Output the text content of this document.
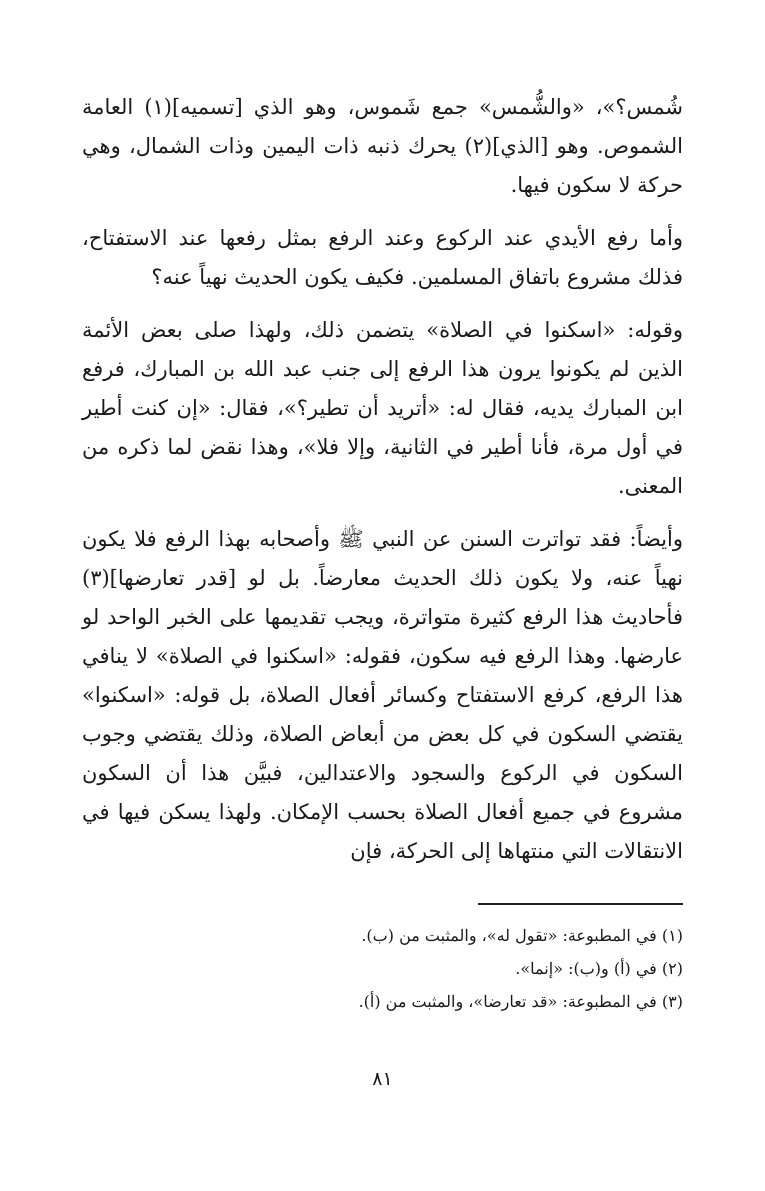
شُمس؟»، «والشُّمس» جمع شَموس، وهو الذي [تسميه](١) العامة الشموص. وهو [الذي](٢) يحرك ذنبه ذات اليمين وذات الشمال، وهي حركة لا سكون فيها.

وأما رفع الأيدي عند الركوع وعند الرفع بمثل رفعها عند الاستفتاح، فذلك مشروع باتفاق المسلمين. فكيف يكون الحديث نهياً عنه؟

وقوله: «اسكنوا في الصلاة» يتضمن ذلك، ولهذا صلى بعض الأئمة الذين لم يكونوا يرون هذا الرفع إلى جنب عبد الله بن المبارك، فرفع ابن المبارك يديه، فقال له: «أتريد أن تطير؟»، فقال: «إن كنت أطير في أول مرة، فأنا أطير في الثانية، وإلا فلا»، وهذا نقض لما ذكره من المعنى.

وأيضاً: فقد تواترت السنن عن النبي ﷺ وأصحابه بهذا الرفع فلا يكون نهياً عنه، ولا يكون ذلك الحديث معارضاً. بل لو [قدر تعارضها](٣) فأحاديث هذا الرفع كثيرة متواترة، ويجب تقديمها على الخبر الواحد لو عارضها. وهذا الرفع فيه سكون، فقوله: «اسكنوا في الصلاة» لا ينافي هذا الرفع، كرفع الاستفتاح وكسائر أفعال الصلاة، بل قوله: «اسكنوا» يقتضي السكون في كل بعض من أبعاض الصلاة، وذلك يقتضي وجوب السكون في الركوع والسجود والاعتدالين، فبيَّن هذا أن السكون مشروع في جميع أفعال الصلاة بحسب الإمكان. ولهذا يسكن فيها في الانتقالات التي منتهاها إلى الحركة، فإن

(١) في المطبوعة: «تقول له»، والمثبت من (ب).
(٢) في (أ) و(ب): «إنما».
(٣) في المطبوعة: «قد تعارضا»، والمثبت من (أ).
٨١
